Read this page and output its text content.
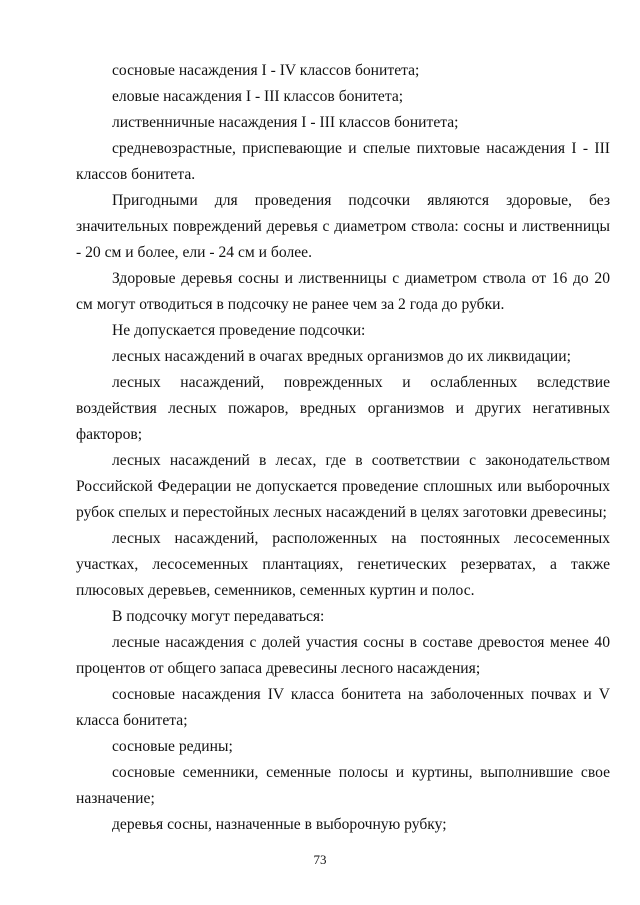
сосновые насаждения I - IV классов бонитета;

еловые насаждения I - III классов бонитета;

лиственничные насаждения I - III классов бонитета;

средневозрастные, приспевающие и спелые пихтовые насаждения I - III классов бонитета.

Пригодными для проведения подсочки являются здоровые, без значительных повреждений деревья с диаметром ствола: сосны и лиственницы - 20 см и более, ели - 24 см и более.

Здоровые деревья сосны и лиственницы с диаметром ствола от 16 до 20 см могут отводиться в подсочку не ранее чем за 2 года до рубки.

Не допускается проведение подсочки:

лесных насаждений в очагах вредных организмов до их ликвидации;

лесных насаждений, поврежденных и ослабленных вследствие воздействия лесных пожаров, вредных организмов и других негативных факторов;

лесных насаждений в лесах, где в соответствии с законодательством Российской Федерации не допускается проведение сплошных или выборочных рубок спелых и перестойных лесных насаждений в целях заготовки древесины;

лесных насаждений, расположенных на постоянных лесосеменных участках, лесосеменных плантациях, генетических резерватах, а также плюсовых деревьев, семенников, семенных куртин и полос.

В подсочку могут передаваться:

лесные насаждения с долей участия сосны в составе древостоя менее 40 процентов от общего запаса древесины лесного насаждения;

сосновые насаждения IV класса бонитета на заболоченных почвах и V класса бонитета;

сосновые редины;

сосновые семенники, семенные полосы и куртины, выполнившие свое назначение;

деревья сосны, назначенные в выборочную рубку;

73
